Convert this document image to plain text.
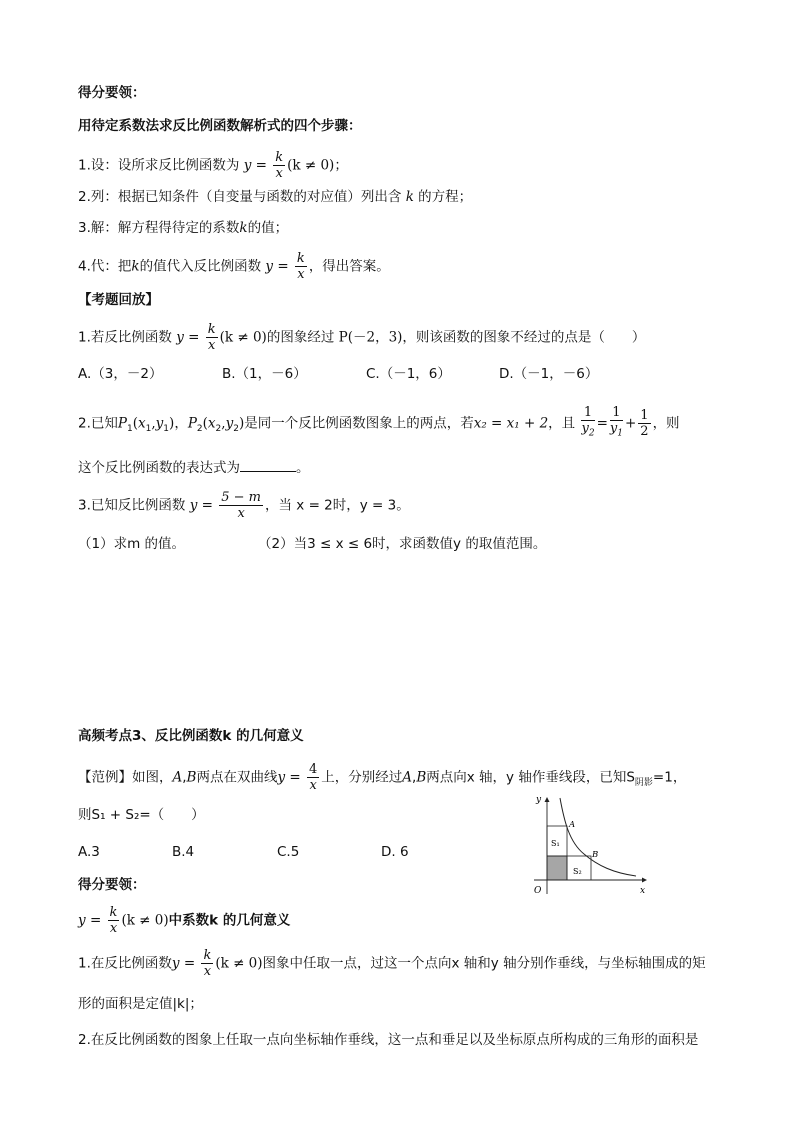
得分要领：
用待定系数法求反比例函数解析式的四个步骤：
1.设：设所求反比例函数为 $y = \frac{k}{x} (k \ne 0)$；
2.列：根据已知条件（自变量与函数的对应值）列出含 k 的方程；
3.解：解方程得待定的系数k的值；
4.代：把k的值代入反比例函数 $y = \frac{k}{x}$ ，得出答案。
【考题回放】
1.若反比例函数 $y = \frac{k}{x} (k \ne 0)$的图象经过 P(－2，3)，则该函数的图象不经过的点是（　　）
A.（3，－2）	B.（1，－6）	C.（－1，6）	D.（－1，－6）
2.已知$P_1(x_1,y_1)$，$P_2(x_2,y_2)$是同一个反比例函数图象上的两点，若x₂ = x₁ + 2，且 $\frac{1}{y_2} = \frac{1}{y_1} + \frac{1}{2}$ ，则
这个反比例函数的表达式为	。
3.已知反比例函数 $y = \frac{5 - m}{x}$ ，当 x = 2时，y = 3。
（1）求m 的值。	（2）当3 ≤ x ≤ 6时，求函数值y 的取值范围。
高频考点3、反比例函数k 的几何意义
【范例】如图，A,B两点在双曲线$y = \frac{4}{x}$ 上，分别经过A,B两点向x 轴，y 轴作垂线段，已知$S_{阴影}=1$，
则S₁ + S₂=（　　）
A.3	B.4	C.5	D. 6
得分要领：
$y = \frac{k}{x} (k \ne 0)$中系数k 的几何意义
1.在反比例函数$y = \frac{k}{x} (k \ne 0)$图象中任取一点，过这一个点向x 轴和y 轴分别作垂线，与坐标轴围成的矩
形的面积是定值|k|；
2.在反比例函数的图象上任取一点向坐标轴作垂线，这一点和垂足以及坐标原点所构成的三角形的面积是
y
x
O
A
B
S₁
S₂
